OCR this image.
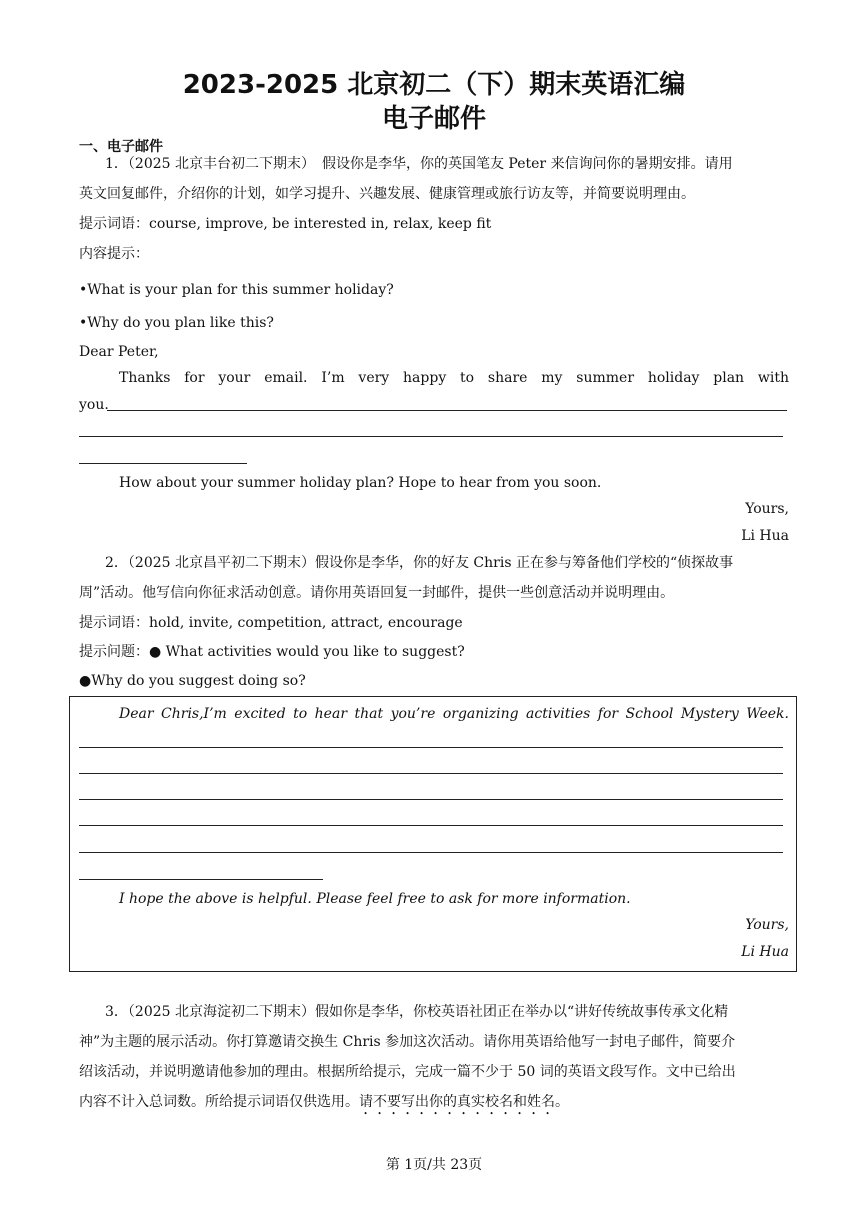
2023-2025 北京初二（下）期末英语汇编
电子邮件
一、电子邮件
1．（2025 北京丰台初二下期末）　假设你是李华，你的英国笔友 Peter 来信询问你的暑期安排。请用
英文回复邮件，介绍你的计划，如学习提升、兴趣发展、健康管理或旅行访友等，并简要说明理由。
提示词语：course, improve, be interested in, relax, keep fit
内容提示：
•What is your plan for this summer holiday?
•Why do you plan like this?
Dear Peter,
Thanks for your email. I’m very happy to share my summer holiday plan with
you.
How about your summer holiday plan? Hope to hear from you soon.
Yours,
Li Hua
2．（2025 北京昌平初二下期末）假设你是李华，你的好友 Chris 正在参与筹备他们学校的“侦探故事
周”活动。他写信向你征求活动创意。请你用英语回复一封邮件，提供一些创意活动并说明理由。
提示词语：hold, invite, competition, attract, encourage
提示问题：● What activities would you like to suggest?
●Why do you suggest doing so?
Dear Chris,I’m excited to hear that you’re organizing activities for School Mystery Week.
I hope the above is helpful. Please feel free to ask for more information.
Yours,
Li Hua
3．（2025 北京海淀初二下期末）假如你是李华，你校英语社团正在举办以“讲好传统故事传承文化精
神”为主题的展示活动。你打算邀请交换生 Chris 参加这次活动。请你用英语给他写一封电子邮件，简要介
绍该活动，并说明邀请他参加的理由。根据所给提示，完成一篇不少于 50 词的英语文段写作。文中已给出
内容不计入总词数。所给提示词语仅供选用。请不要写出你的真实校名和姓名。
第 1页/共 23页
